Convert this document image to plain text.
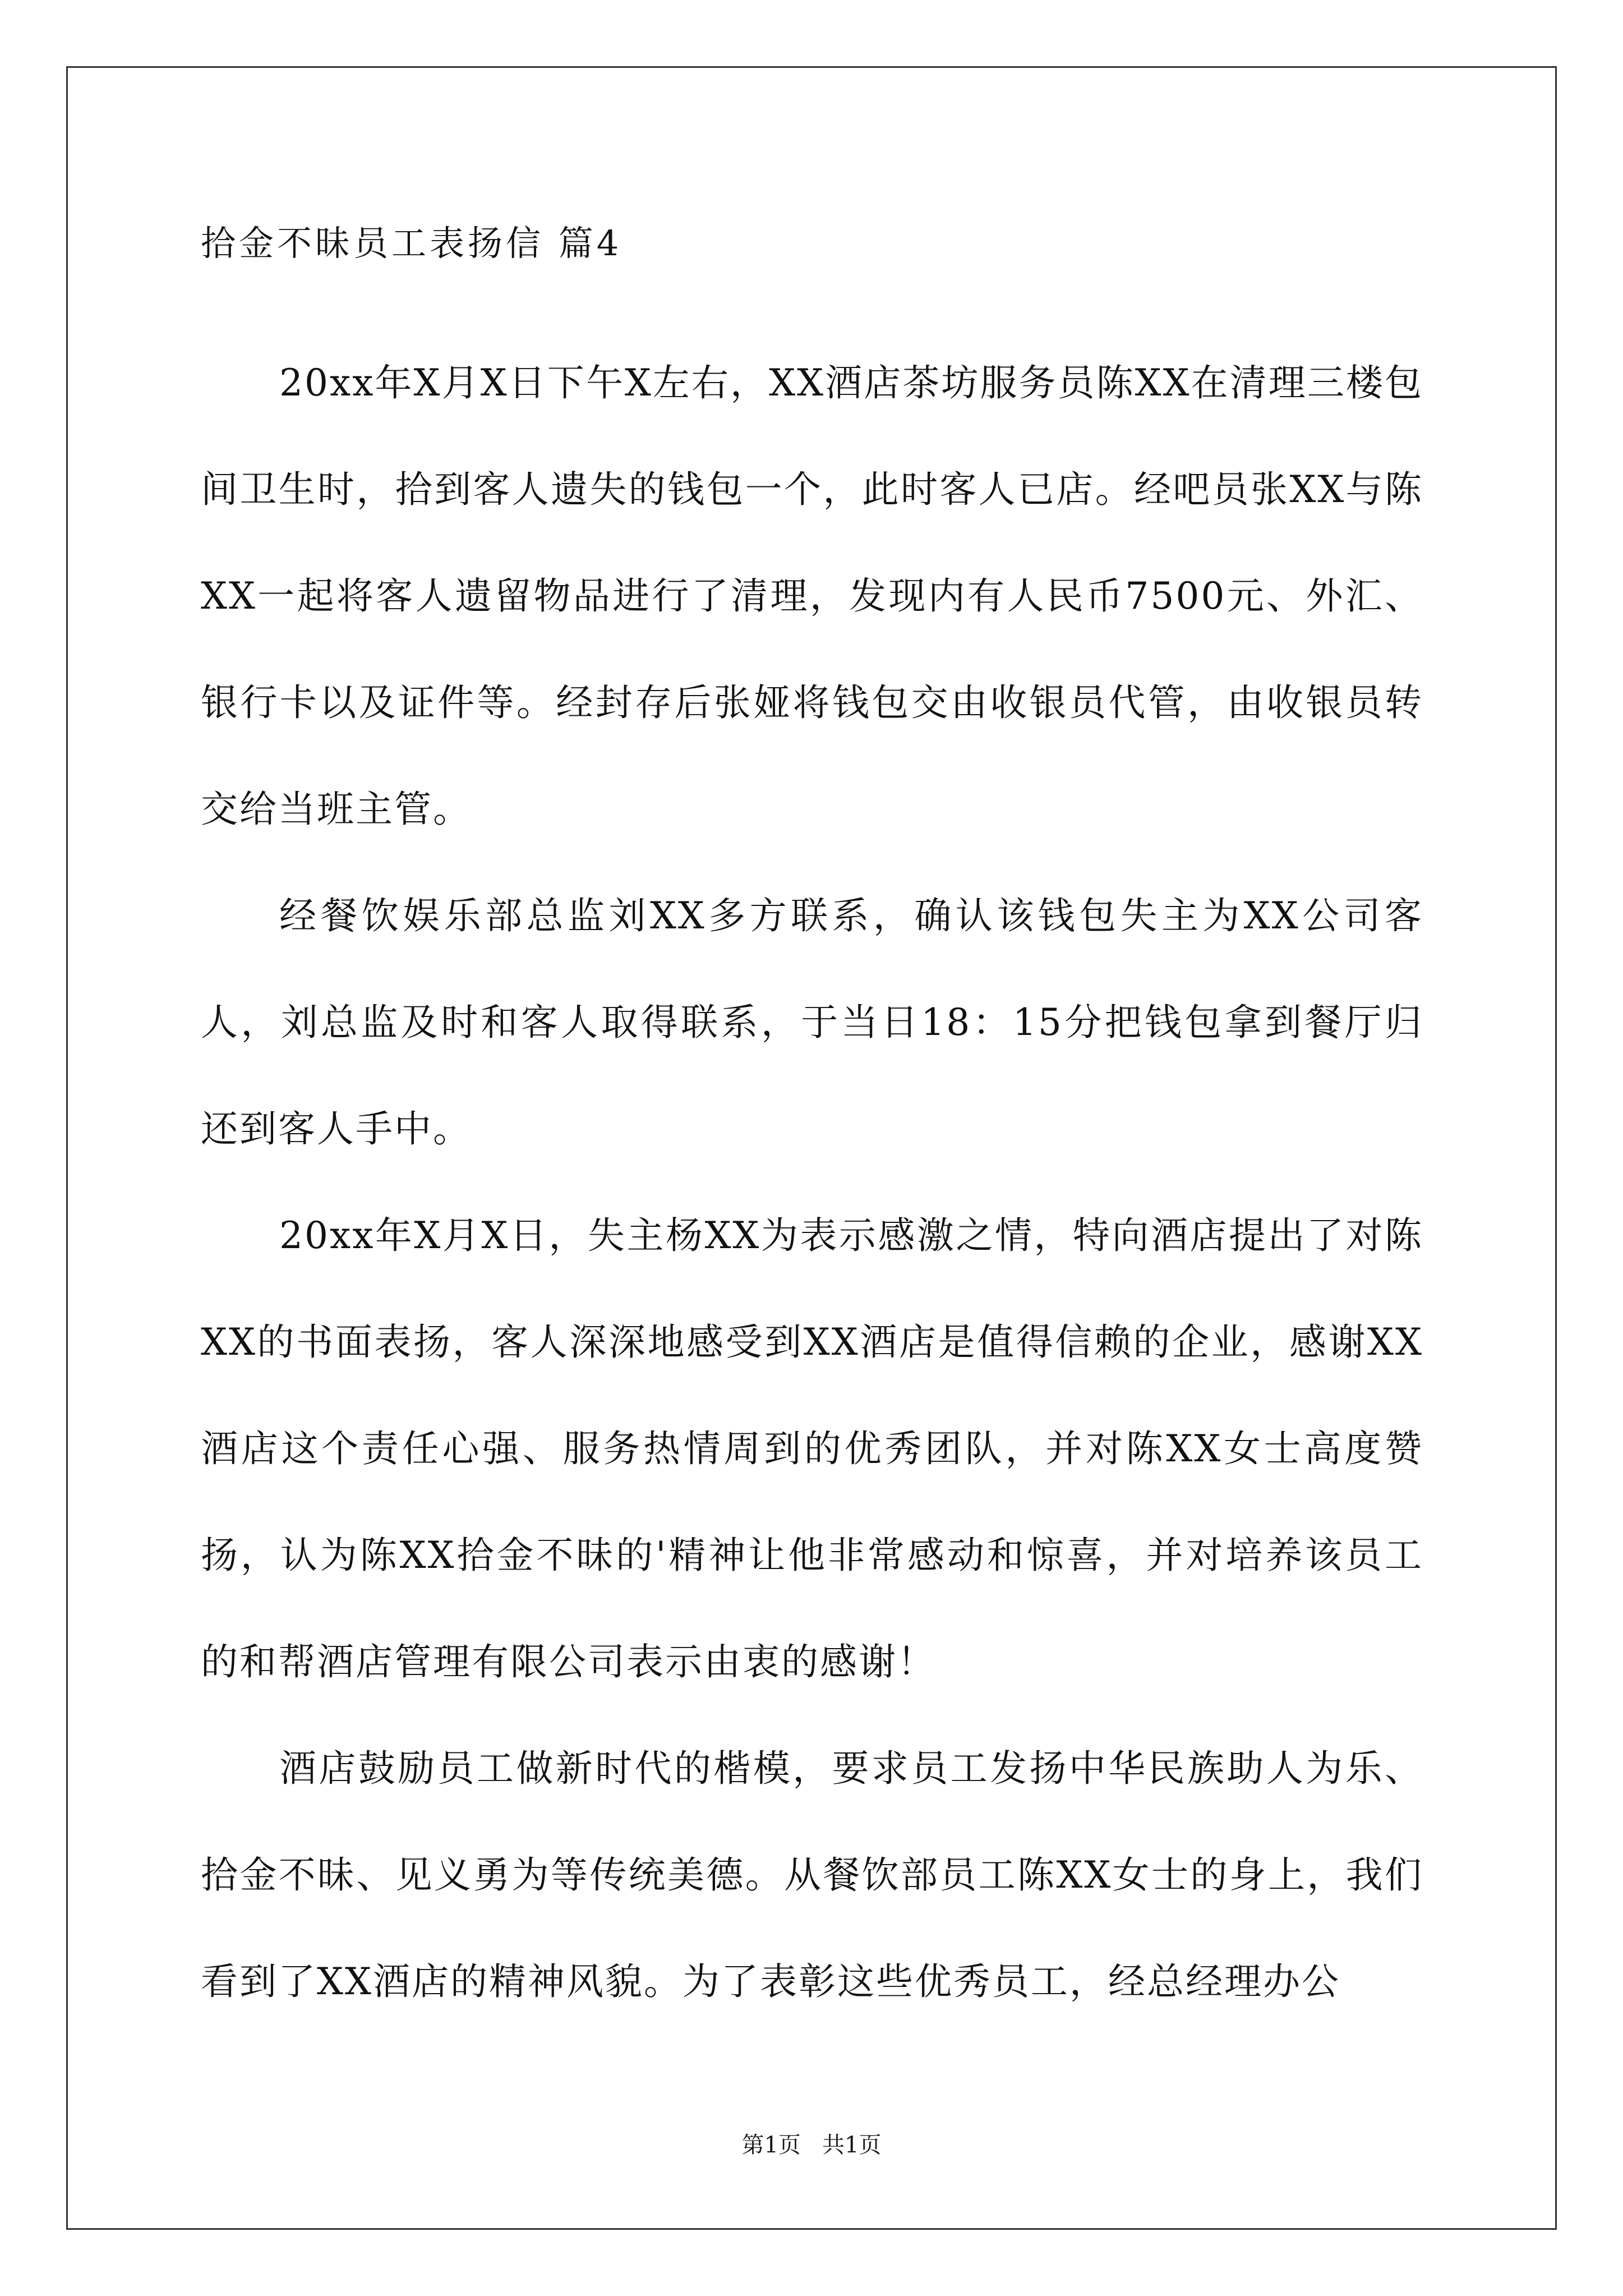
拾金不昧员工表扬信 篇4

20xx年X月X日下午X左右，XX酒店茶坊服务员陈XX在清理三楼包间卫生时，拾到客人遗失的钱包一个，此时客人已店。经吧员张XX与陈XX一起将客人遗留物品进行了清理，发现内有人民币7500元、外汇、银行卡以及证件等。经封存后张娅将钱包交由收银员代管，由收银员转交给当班主管。

经餐饮娱乐部总监刘XX多方联系，确认该钱包失主为XX公司客人，刘总监及时和客人取得联系，于当日18：15分把钱包拿到餐厅归还到客人手中。

20xx年X月X日，失主杨XX为表示感激之情，特向酒店提出了对陈XX的书面表扬，客人深深地感受到XX酒店是值得信赖的企业，感谢XX酒店这个责任心强、服务热情周到的优秀团队，并对陈XX女士高度赞扬，认为陈XX拾金不昧的'精神让他非常感动和惊喜，并对培养该员工的和帮酒店管理有限公司表示由衷的感谢！

酒店鼓励员工做新时代的楷模，要求员工发扬中华民族助人为乐、拾金不昧、见义勇为等传统美德。从餐饮部员工陈XX女士的身上，我们看到了XX酒店的精神风貌。为了表彰这些优秀员工，经总经理办公

第1页   共1页
